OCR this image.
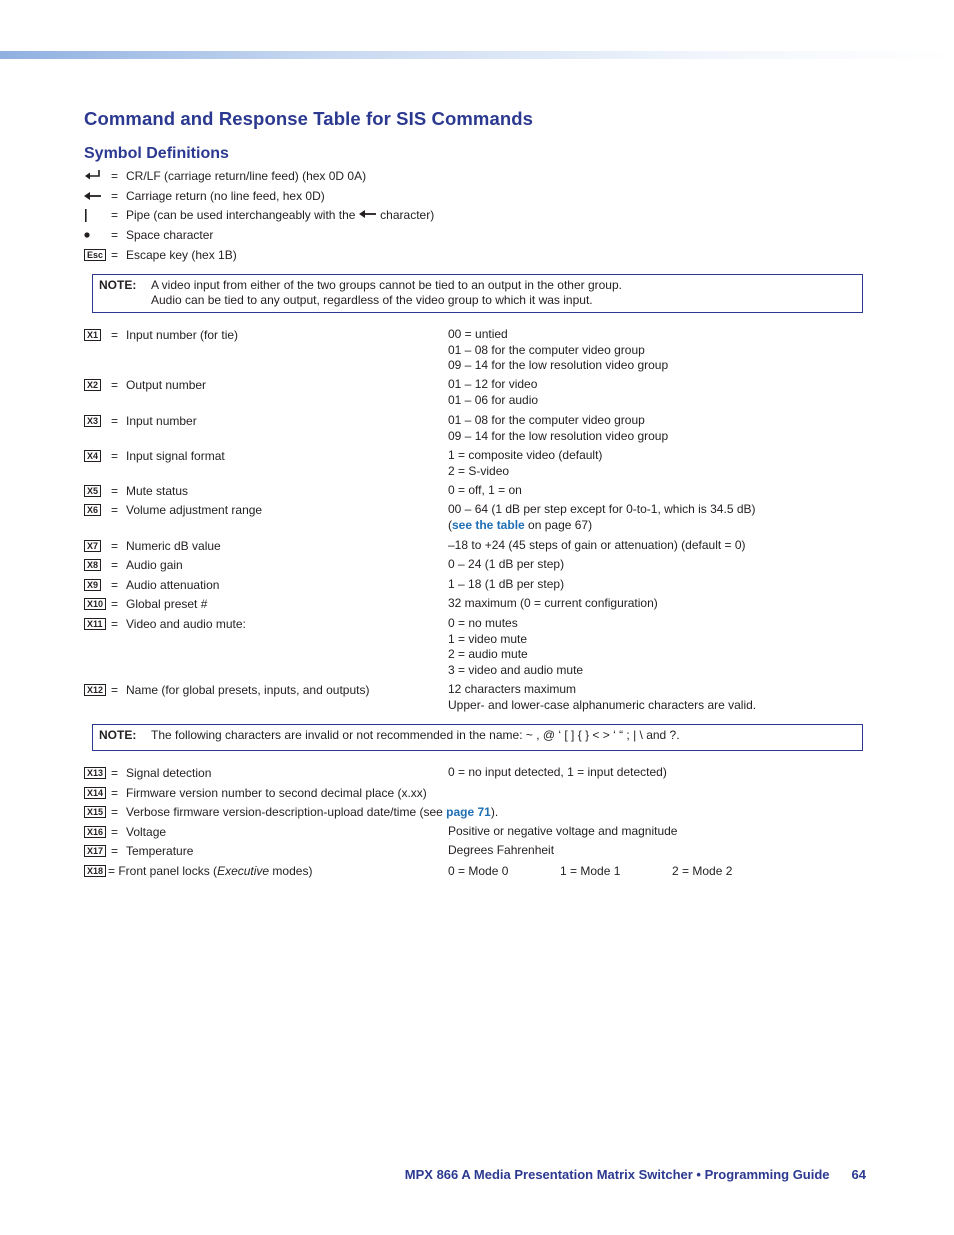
Command and Response Table for SIS Commands
Symbol Definitions
= CR/LF (carriage return/line feed) (hex 0D 0A)
= Carriage return (no line feed, hex 0D)
= Pipe (can be used interchangeably with the character)
= Space character
Esc = Escape key (hex 1B)
NOTE: A video input from either of the two groups cannot be tied to an output in the other group.
Audio can be tied to any output, regardless of the video group to which it was input.
X1 = Input number (for tie)	00 = untied
01 – 08 for the computer video group
09 – 14 for the low resolution video group
X2 = Output number	01 – 12 for video
01 – 06 for audio
X3 = Input number	01 – 08 for the computer video group
09 – 14 for the low resolution video group
X4 = Input signal format	1 = composite video (default)
2 = S-video
X5 = Mute status	0 = off, 1 = on
X6 = Volume adjustment range	00 – 64 (1 dB per step except for 0-to-1, which is 34.5 dB)
(see the table on page 67)
X7 = Numeric dB value	–18 to +24 (45 steps of gain or attenuation) (default = 0)
X8 = Audio gain	0 – 24 (1 dB per step)
X9 = Audio attenuation	1 – 18 (1 dB per step)
X10 = Global preset #	32 maximum (0 = current configuration)
X11 = Video and audio mute:	0 = no mutes
1 = video mute
2 = audio mute
3 = video and audio mute
X12 = Name (for global presets, inputs, and outputs)	12 characters maximum
Upper- and lower-case alphanumeric characters are valid.
NOTE: The following characters are invalid or not recommended in the name: ~ , @ ‘ [ ] { } < > ‘ “ ; | \ and ?.
X13 = Signal detection	0 = no input detected, 1 = input detected)
X14 = Firmware version number to second decimal place (x.xx)
X15 = Verbose firmware version-description-upload date/time (see page 71).
X16 = Voltage	Positive or negative voltage and magnitude
X17 = Temperature	Degrees Fahrenheit
X18 = Front panel locks (Executive modes)	0 = Mode 0	1 = Mode 1	2 = Mode 2
MPX 866 A Media Presentation Matrix Switcher • Programming Guide 64
